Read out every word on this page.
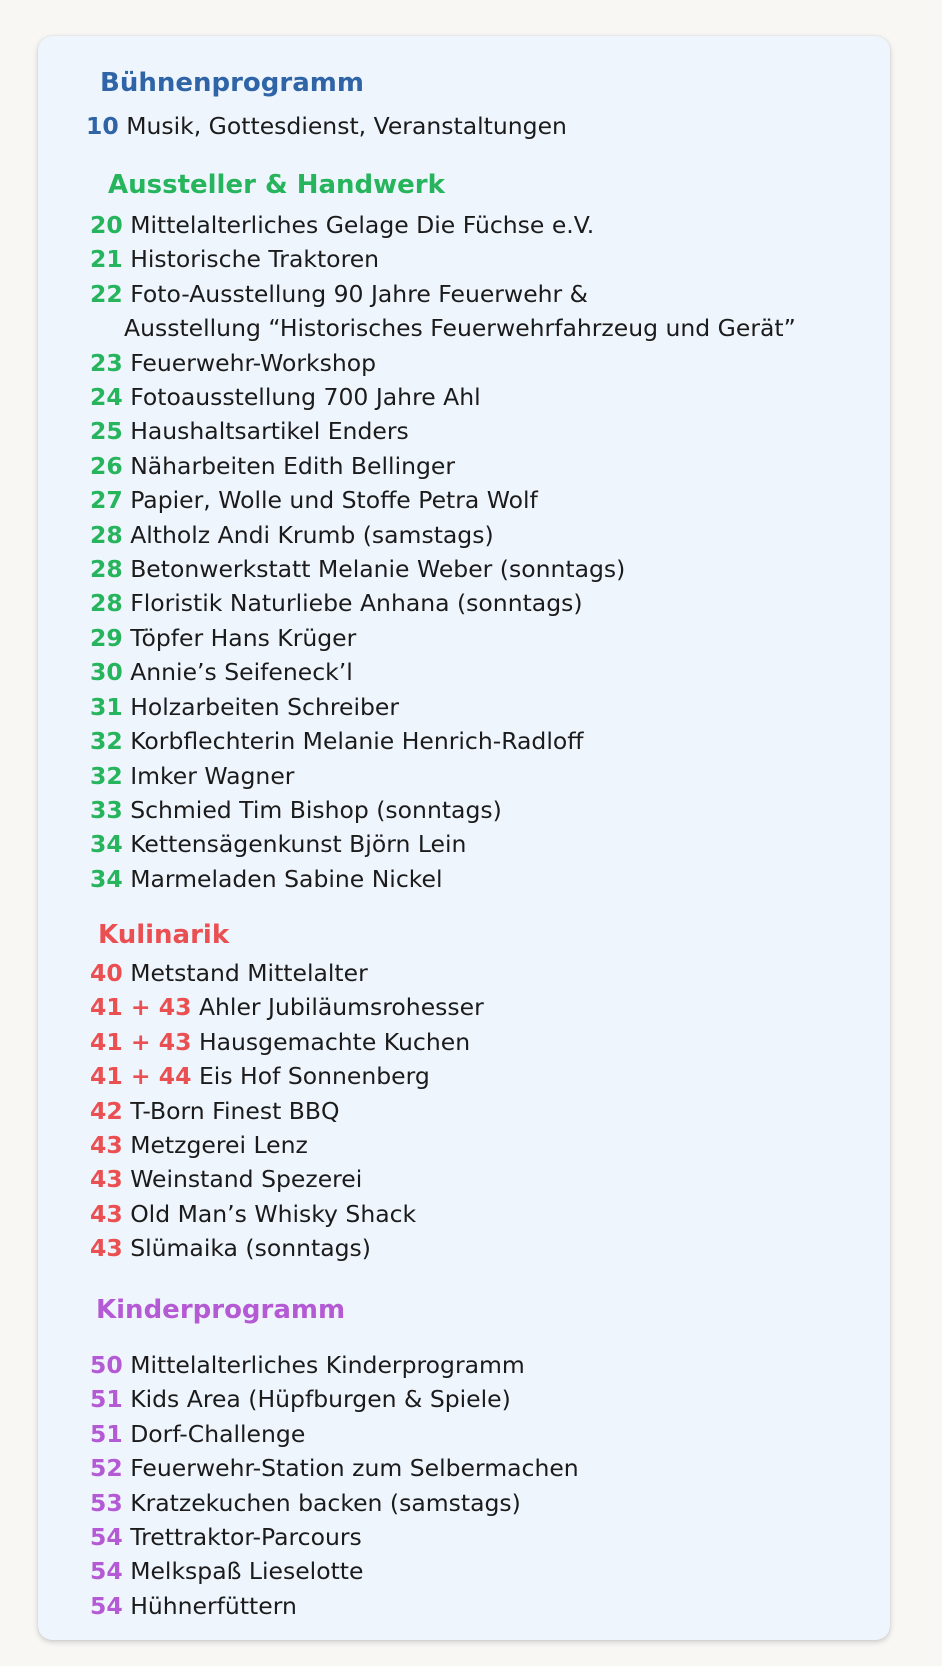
Bühnenprogramm
10 Musik, Gottesdienst, Veranstaltungen
Aussteller & Handwerk
20 Mittelalterliches Gelage Die Füchse e.V.
21 Historische Traktoren
22 Foto-Ausstellung 90 Jahre Feuerwehr &
Ausstellung “Historisches Feuerwehrfahrzeug und Gerät”
23 Feuerwehr-Workshop
24 Fotoausstellung 700 Jahre Ahl
25 Haushaltsartikel Enders
26 Näharbeiten Edith Bellinger
27 Papier, Wolle und Stoffe Petra Wolf
28 Altholz Andi Krumb (samstags)
28 Betonwerkstatt Melanie Weber (sonntags)
28 Floristik Naturliebe Anhana (sonntags)
29 Töpfer Hans Krüger
30 Annie’s Seifeneck’l
31 Holzarbeiten Schreiber
32 Korbflechterin Melanie Henrich-Radloff
32 Imker Wagner
33 Schmied Tim Bishop (sonntags)
34 Kettensägenkunst Björn Lein
34 Marmeladen Sabine Nickel
Kulinarik
40 Metstand Mittelalter
41 + 43 Ahler Jubiläumsrohesser
41 + 43 Hausgemachte Kuchen
41 + 44 Eis Hof Sonnenberg
42 T-Born Finest BBQ
43 Metzgerei Lenz
43 Weinstand Spezerei
43 Old Man’s Whisky Shack
43 Slümaika (sonntags)
Kinderprogramm
50 Mittelalterliches Kinderprogramm
51 Kids Area (Hüpfburgen & Spiele)
51 Dorf-Challenge
52 Feuerwehr-Station zum Selbermachen
53 Kratzekuchen backen (samstags)
54 Trettraktor-Parcours
54 Melkspaß Lieselotte
54 Hühnerfüttern
